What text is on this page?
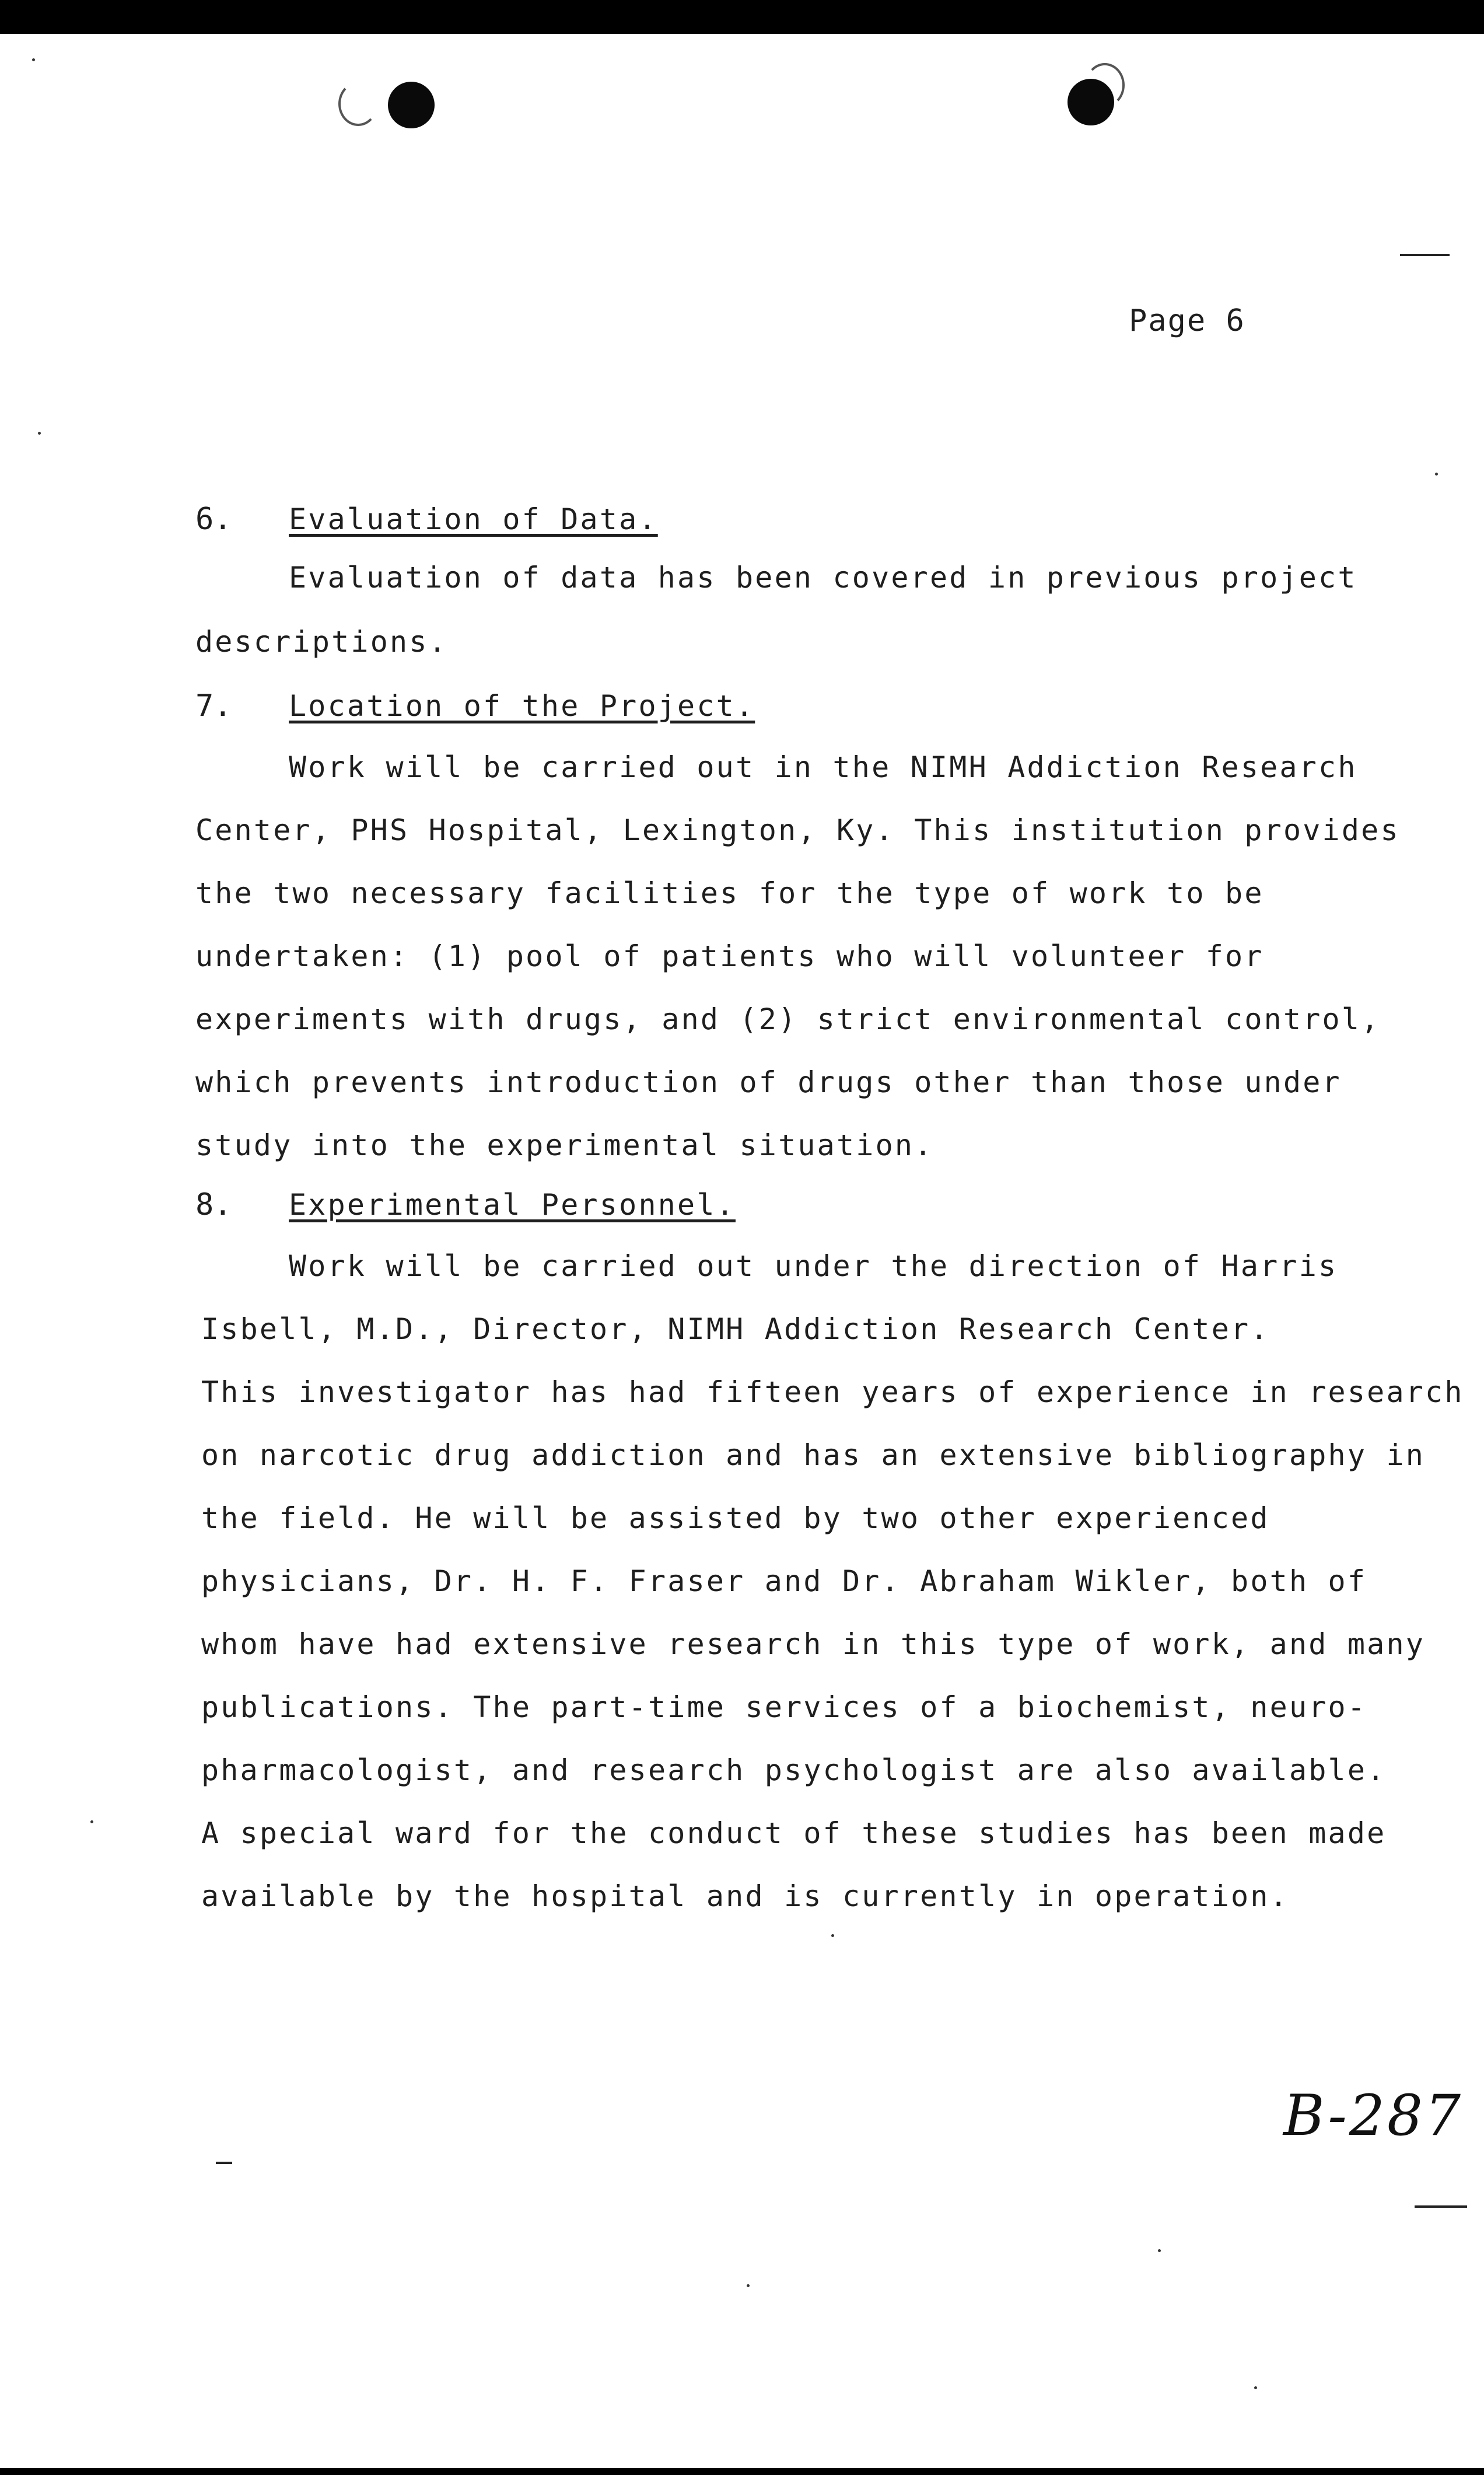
Page 6
6. Evaluation of Data.
Evaluation of data has been covered in previous project
descriptions.
7. Location of the Project.
Work will be carried out in the NIMH Addiction Research
Center, PHS Hospital, Lexington, Ky. This institution provides
the two necessary facilities for the type of work to be
undertaken: (1) pool of patients who will volunteer for
experiments with drugs, and (2) strict environmental control,
which prevents introduction of drugs other than those under
study into the experimental situation.
8. Experimental Personnel.
Work will be carried out under the direction of Harris
Isbell, M.D., Director, NIMH Addiction Research Center.
This investigator has had fifteen years of experience in research
on narcotic drug addiction and has an extensive bibliography in
the field. He will be assisted by two other experienced
physicians, Dr. H. F. Fraser and Dr. Abraham Wikler, both of
whom have had extensive research in this type of work, and many
publications. The part-time services of a biochemist, neuro-
pharmacologist, and research psychologist are also available.
A special ward for the conduct of these studies has been made
available by the hospital and is currently in operation.
B-287
